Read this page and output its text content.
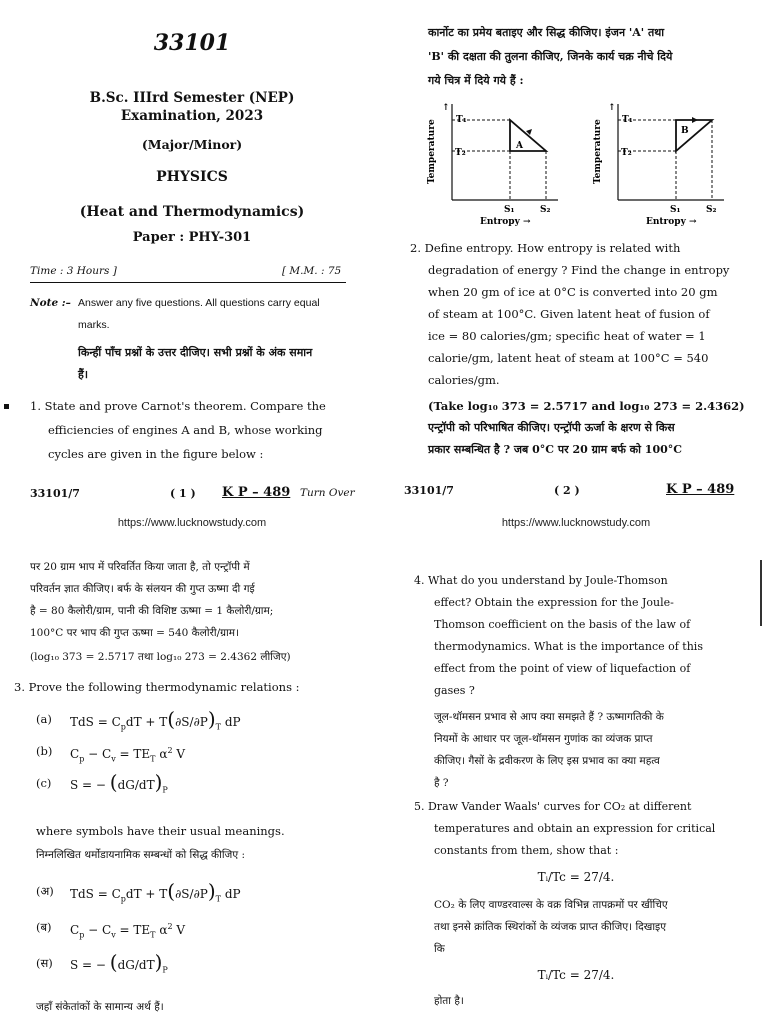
33101
B.Sc. IIIrd Semester (NEP)
Examination, 2023
(Major/Minor)
PHYSICS
(Heat and Thermodynamics)
Paper : PHY-301
Time : 3 Hours ]	[ M.M. : 75
Note :– Answer any five questions. All questions carry equal
marks.
किन्हीं पाँच प्रश्नों के उत्तर दीजिए। सभी प्रश्नों के अंक समान
हैं।
1. State and prove Carnot's theorem. Compare the
efficiencies of engines A and B, whose working
cycles are given in the figure below :
33101/7	( 1 ) K P – 489 Turn Over
https://www.lucknowstudy.com
कार्नोट का प्रमेय बताइए और सिद्ध कीजिए। इंजन 'A' तथा
'B' की दक्षता की तुलना कीजिए, जिनके कार्य चक्र नीचे दिये
गये चित्र में दिये गये हैं :
Temperature
↑
T₁
T₂
A
S₁	S₂
Entropy →
Temperature
↑
T₁
T₂
B
S₁	S₂
Entropy →
2. Define entropy. How entropy is related with
degradation of energy ? Find the change in entropy
when 20 gm of ice at 0°C is converted into 20 gm
of steam at 100°C. Given latent heat of fusion of
ice = 80 calories/gm; specific heat of water = 1
calorie/gm, latent heat of steam at 100°C = 540
calories/gm.
(Take log₁₀ 373 = 2.5717 and log₁₀ 273 = 2.4362)
एन्ट्रॉपी को परिभाषित कीजिए। एन्ट्रॉपी ऊर्जा के क्षरण से किस
प्रकार सम्बन्धित है ? जब 0°C पर 20 ग्राम बर्फ को 100°C
33101/7	( 2 )	K P – 489
https://www.lucknowstudy.com
पर 20 ग्राम भाप में परिवर्तित किया जाता है, तो एन्ट्रॉपी में
परिवर्तन ज्ञात कीजिए। बर्फ के संलयन की गुप्त ऊष्मा दी गई
है = 80 कैलोरी/ग्राम, पानी की विशिष्ट ऊष्मा = 1 कैलोरी/ग्राम;
100°C पर भाप की गुप्त ऊष्मा = 540 कैलोरी/ग्राम।
(log₁₀ 373 = 2.5717 तथा log₁₀ 273 = 2.4362 लीजिए)
3. Prove the following thermodynamic relations :
(a) TdS = $C_pdT + T(\partial S/\partial P)_T$ dP
(b) $C_p - C_v = TE_T$ $\alpha^2$ V
(c) S = − $(dG/dT)_P$
where symbols have their usual meanings.
निम्नलिखित थर्मोडायनामिक सम्बन्धों को सिद्ध कीजिए :
(अ) TdS = $C_pdT + T(\partial S/\partial P)_T$ dP
(ब) $C_p - C_v = TE_T$ $\alpha^2$ V
(स) S = − $(dG/dT)_P$
जहाँ संकेतांकों के सामान्य अर्थ हैं।
4. What do you understand by Joule-Thomson
effect? Obtain the expression for the Joule-
Thomson coefficient on the basis of the law of
thermodynamics. What is the importance of this
effect from the point of view of liquefaction of
gases ?
जूल-थॉमसन प्रभाव से आप क्या समझते हैं ? ऊष्मागतिकी के
नियमों के आधार पर जूल-थॉमसन गुणांक का व्यंजक प्राप्त
कीजिए। गैसों के द्रवीकरण के लिए इस प्रभाव का क्या महत्व
है ?
5. Draw Vander Waals' curves for CO₂ at different
temperatures and obtain an expression for critical
constants from them, show that :
Tᵢ/Tc = 27/4.
CO₂ के लिए वाण्डरवाल्स के वक्र विभिन्न तापक्रमों पर खींचिए
तथा इनसे क्रांतिक स्थिरांकों के व्यंजक प्राप्त कीजिए। दिखाइए
कि
Tᵢ/Tc = 27/4.
होता है।
